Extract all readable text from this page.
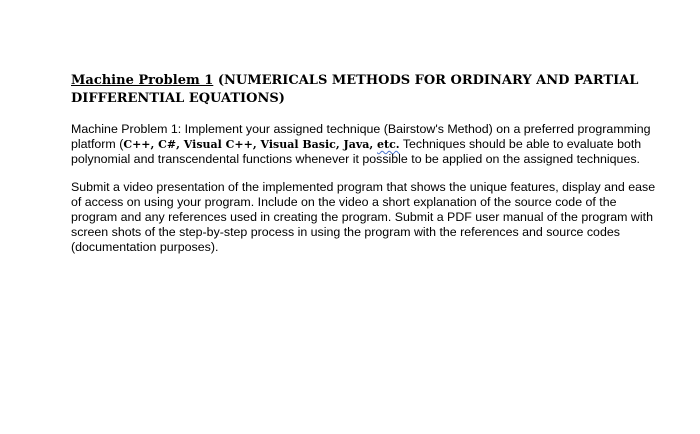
Machine Problem 1 (NUMERICALS METHODS FOR ORDINARY AND PARTIAL DIFFERENTIAL EQUATIONS)

Machine Problem 1: Implement your assigned technique (Bairstow's Method) on a preferred programming platform (C++, C#, Visual C++, Visual Basic, Java, etc. Techniques should be able to evaluate both polynomial and transcendental functions whenever it possible to be applied on the assigned techniques.

Submit a video presentation of the implemented program that shows the unique features, display and ease of access on using your program. Include on the video a short explanation of the source code of the program and any references used in creating the program. Submit a PDF user manual of the program with screen shots of the step-by-step process in using the program with the references and source codes (documentation purposes).
